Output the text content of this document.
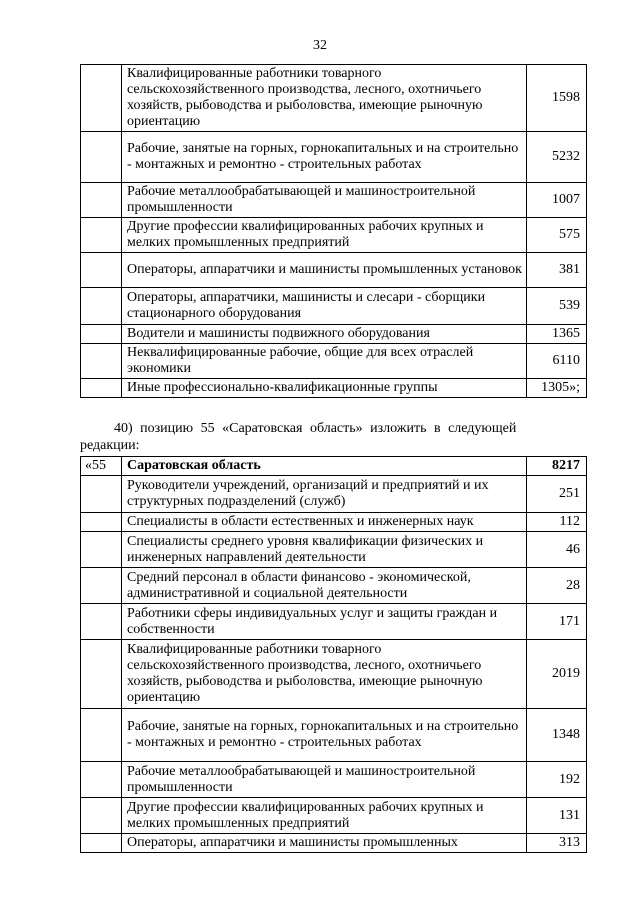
32
	Квалифицированные работники товарного сельскохозяйственного производства, лесного, охотничьего хозяйств, рыбоводства и рыболовства, имеющие рыночную ориентацию	1598
	Рабочие, занятые на горных, горнокапитальных и на строительно - монтажных и ремонтно - строительных работах	5232
	Рабочие металлообрабатывающей и машиностроительной промышленности	1007
	Другие профессии квалифицированных рабочих крупных и мелких промышленных предприятий	575
	Операторы, аппаратчики и машинисты промышленных установок	381
	Операторы, аппаратчики, машинисты и слесари - сборщики стационарного оборудования	539
	Водители и машинисты подвижного оборудования	1365
	Неквалифицированные рабочие, общие для всех отраслей экономики	6110
	Иные профессионально-квалификационные группы	1305»;
40) позицию 55 «Саратовская область» изложить в следующей
редакции:
«55	Саратовская область	8217
	Руководители учреждений, организаций и предприятий и их структурных подразделений (служб)	251
	Специалисты в области естественных и инженерных наук	112
	Специалисты среднего уровня квалификации физических и инженерных направлений деятельности	46
	Средний персонал в области финансово - экономической, административной и социальной деятельности	28
	Работники сферы индивидуальных услуг и защиты граждан и собственности	171
	Квалифицированные работники товарного сельскохозяйственного производства, лесного, охотничьего хозяйств, рыбоводства и рыболовства, имеющие рыночную ориентацию	2019
	Рабочие, занятые на горных, горнокапитальных и на строительно - монтажных и ремонтно - строительных работах	1348
	Рабочие металлообрабатывающей и машиностроительной промышленности	192
	Другие профессии квалифицированных рабочих крупных и мелких промышленных предприятий	131
	Операторы, аппаратчики и машинисты промышленных	313
